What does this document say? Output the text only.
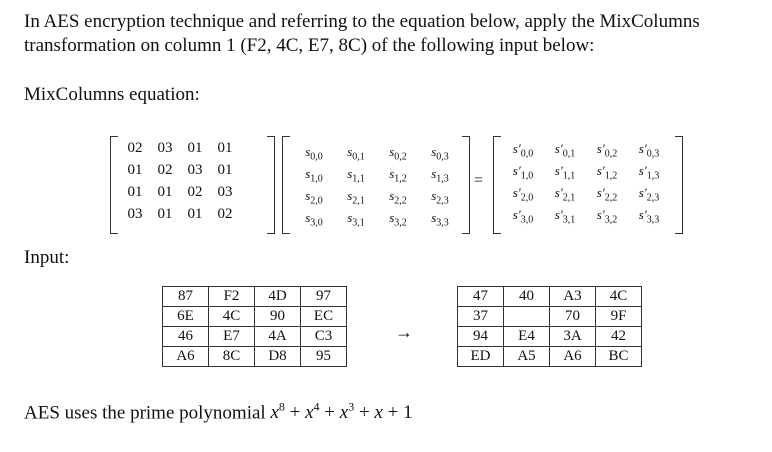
In AES encryption technique and referring to the equation below, apply the MixColumns
transformation on column 1 (F2, 4C, E7, 8C) of the following input below:
MixColumns equation:
02	03	01	01
01	02	03	01
01	01	02	03
03	01	01	02
$s_{0,0}$	$s_{0,1}$	$s_{0,2}$	$s_{0,3}$
$s_{1,0}$	$s_{1,1}$	$s_{1,2}$	$s_{1,3}$
$s_{2,0}$	$s_{2,1}$	$s_{2,2}$	$s_{2,3}$
$s_{3,0}$	$s_{3,1}$	$s_{3,2}$	$s_{3,3}$
=
$s'_{0,0}$	$s'_{0,1}$	$s'_{0,2}$	$s'_{0,3}$
$s'_{1,0}$	$s'_{1,1}$	$s'_{1,2}$	$s'_{1,3}$
$s'_{2,0}$	$s'_{2,1}$	$s'_{2,2}$	$s'_{2,3}$
$s'_{3,0}$	$s'_{3,1}$	$s'_{3,2}$	$s'_{3,3}$
Input:
87	F2	4D	97
6E	4C	90	EC
46	E7	4A	C3
A6	8C	D8	95
→
47	40	A3	4C
37		70	9F
94	E4	3A	42
ED	A5	A6	BC
AES uses the prime polynomial $x^8 + x^4 + x^3 + x + 1$
